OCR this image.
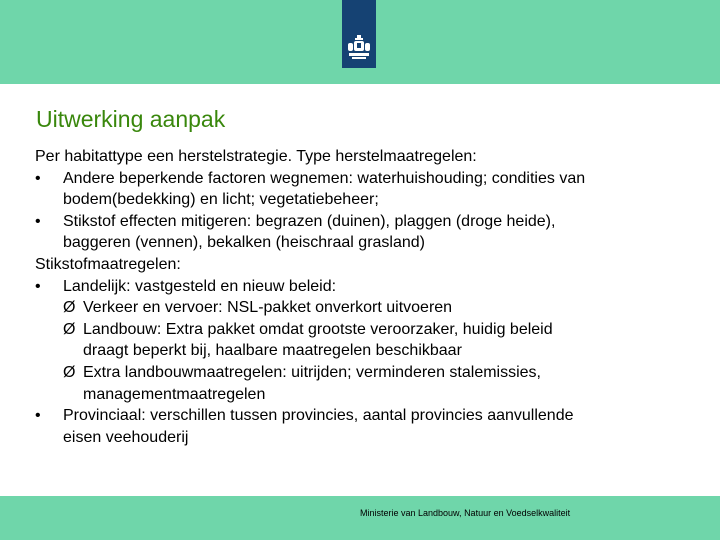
Uitwerking aanpak
Per habitattype een herstelstrategie. Type herstelmaatregelen:
•	Andere beperkende factoren wegnemen: waterhuishouding; condities van
bodem(bedekking) en licht; vegetatiebeheer;
•	Stikstof effecten mitigeren: begrazen (duinen), plaggen (droge heide),
baggeren (vennen), bekalken (heischraal grasland)
Stikstofmaatregelen:
•	Landelijk: vastgesteld en nieuw beleid:
Ø Verkeer en vervoer: NSL-pakket onverkort uitvoeren
Ø Landbouw: Extra pakket omdat grootste veroorzaker, huidig beleid
draagt beperkt bij, haalbare maatregelen beschikbaar
Ø Extra landbouwmaatregelen: uitrijden; verminderen stalemissies,
managementmaatregelen
•	Provinciaal: verschillen tussen provincies, aantal provincies aanvullende
eisen veehouderij
Ministerie van Landbouw, Natuur en Voedselkwaliteit
